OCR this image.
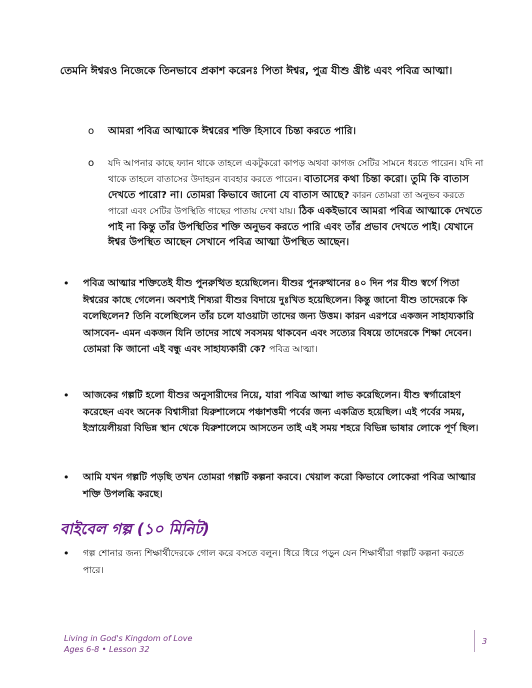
তেমনি ঈশ্বরও নিজেকে তিনভাবে প্রকাশ করেনঃ পিতা ঈশ্বর, পুত্র যীশু খ্রীষ্ট এবং পবিত্র আত্মা।

o আমরা পবিত্র আত্মাকে ঈশ্বরের শক্তি হিসাবে চিন্তা করতে পারি।
o যদি আপনার কাছে ফ্যান থাকে তাহলে একটুকরো কাপড় অথবা কাগজ সেটির সামনে ধরতে পারেন। যদি না থাকে তাহলে বাতাসের উদাহরন ব্যবহার করতে পারেন। বাতাসের কথা চিন্তা করো। তুমি কি বাতাস দেখতে পারো? না। তোমরা কিভাবে জানো যে বাতাস আছে? কারন তোমরা তা অনুভব করতে পারো এবং সেটির উপস্থিতি গাছের পাতায় দেখা যায়। ঠিক একইভাবে আমরা পবিত্র আত্মাকে দেখতে পাই না কিন্তু তাঁর উপস্থিতির শক্তি অনুভব করতে পারি এবং তাঁর প্রভাব দেখতে পাই। যেখানে ঈশ্বর উপস্থিত আছেন সেখানে পবিত্র আত্মা উপস্থিত আছেন।
• পবিত্র আত্মার শক্তিতেই যীশু পুনরুত্থিত হয়েছিলেন। যীশুর পুনরুত্থানের ৪০ দিন পর যীশু স্বর্গে পিতা ঈশ্বরের কাছে গেলেন। অবশ্যই শিষ্যরা যীশুর বিদায়ে দুঃখিত হয়েছিলেন। কিন্তু জানো যীশু তাদেরকে কি বলেছিলেন? তিনি বলেছিলেন তাঁর চলে যাওয়াটা তাদের জন্য উত্তম। কারন এরপরে একজন সাহায্যকারি আসবেন- এমন একজন যিনি তাদের সাথে সবসময় থাকবেন এবং সত্যের বিষয়ে তাদেরকে শিক্ষা দেবেন। তোমরা কি জানো এই বন্ধু এবং সাহায্যকারী কে? পবিত্র আত্মা।
• আজকের গল্পটি হলো যীশুর অনুসারীদের নিয়ে, যারা পবিত্র আত্মা লাভ করেছিলেন। যীশু স্বর্গারোহণ করেছেন এবং অনেক বিশ্বাসীরা যিরুশালেমে পঞ্চাশত্তমী পর্বের জন্য একত্রিত হয়েছিল। এই পর্বের সময়, ইস্রায়েলীয়রা বিভিন্ন স্থান থেকে যিরুশালেমে আসতেন তাই এই সময় শহরে বিভিন্ন ভাষার লোকে পূর্ণ ছিল।
• আমি যখন গল্পটি পড়ছি তখন তোমরা গল্পটি কল্পনা করবে। খেয়াল করো কিভাবে লোকেরা পবিত্র আত্মার শক্তি উপলব্ধি করছে।
বাইবেল গল্প (১০ মিনিট)
• গল্প শোনার জন্য শিক্ষার্থীদেরকে গোল করে বসতে বলুন। ধিরে ধিরে পড়ুন যেন শিক্ষার্থীরা গল্পটি কল্পনা করতে পারে।
Living in God's Kingdom of Love
Ages 6-8 • Lesson 32
3
